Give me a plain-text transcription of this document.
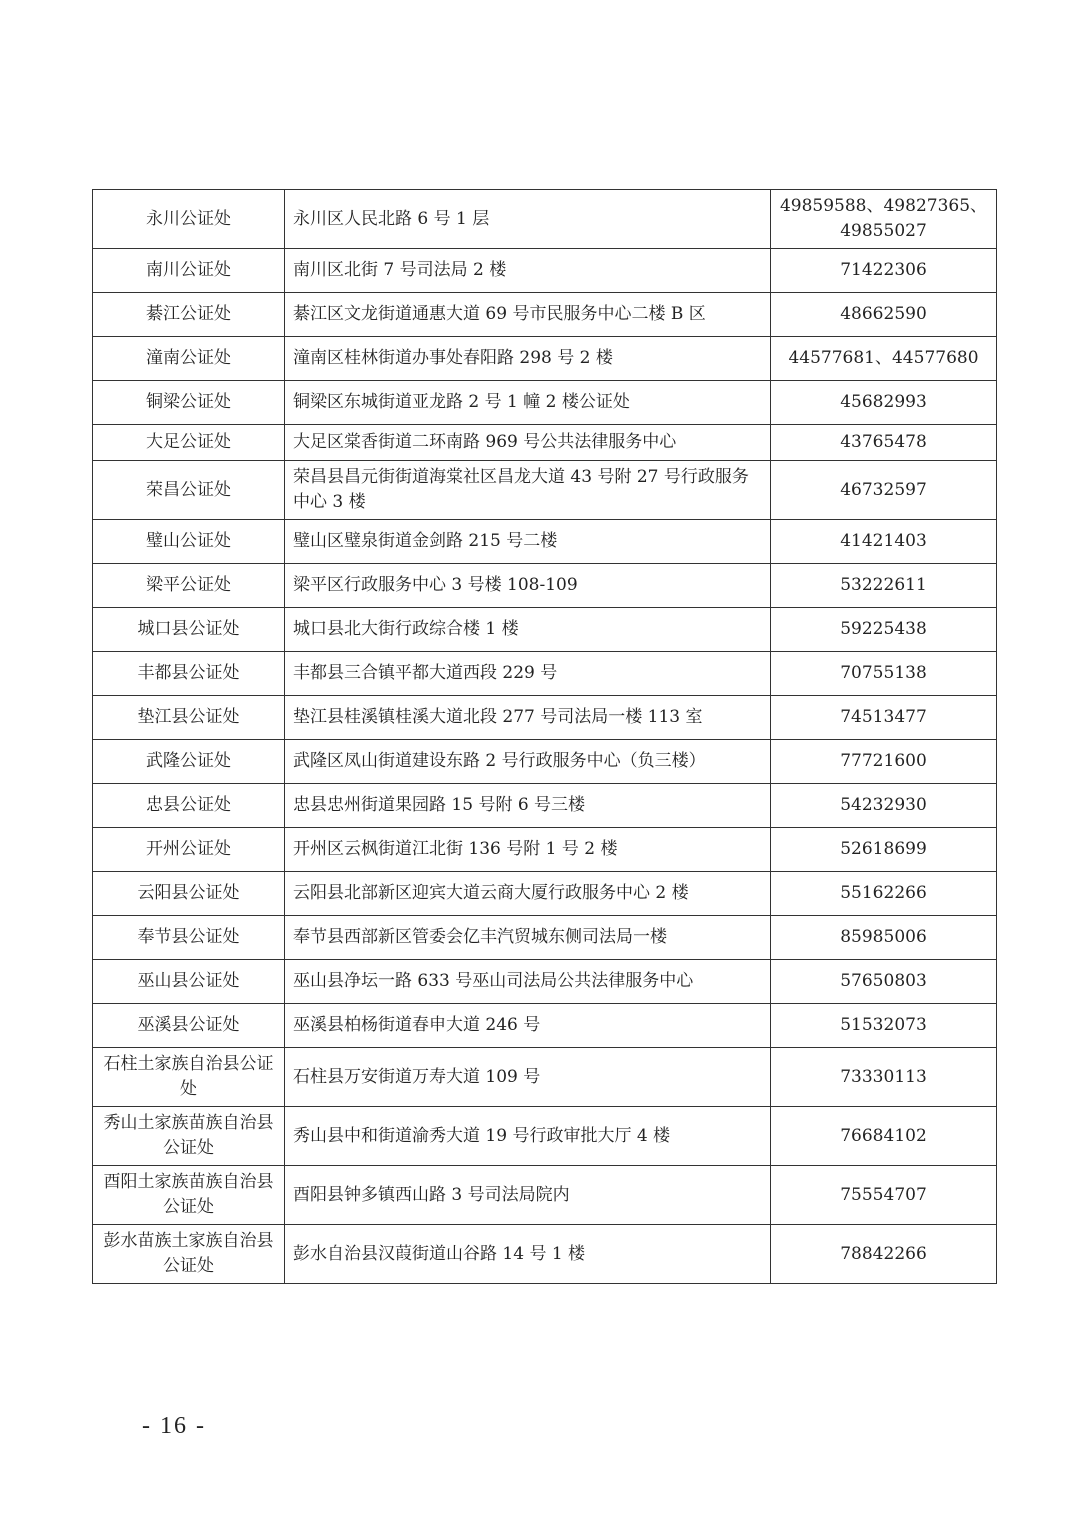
永川公证处	永川区人民北路 6 号 1 层	49859588、49827365、49855027
南川公证处	南川区北街 7 号司法局 2 楼	71422306
綦江公证处	綦江区文龙街道通惠大道 69 号市民服务中心二楼 B 区	48662590
潼南公证处	潼南区桂林街道办事处春阳路 298 号 2 楼	44577681、44577680
铜梁公证处	铜梁区东城街道亚龙路 2 号 1 幢 2 楼公证处	45682993
大足公证处	大足区棠香街道二环南路 969 号公共法律服务中心	43765478
荣昌公证处	荣昌县昌元街街道海棠社区昌龙大道 43 号附 27 号行政服务中心 3 楼	46732597
璧山公证处	璧山区璧泉街道金剑路 215 号二楼	41421403
梁平公证处	梁平区行政服务中心 3 号楼 108-109	53222611
城口县公证处	城口县北大街行政综合楼 1 楼	59225438
丰都县公证处	丰都县三合镇平都大道西段 229 号	70755138
垫江县公证处	垫江县桂溪镇桂溪大道北段 277 号司法局一楼 113 室	74513477
武隆公证处	武隆区凤山街道建设东路 2 号行政服务中心（负三楼）	77721600
忠县公证处	忠县忠州街道果园路 15 号附 6 号三楼	54232930
开州公证处	开州区云枫街道江北街 136 号附 1 号 2 楼	52618699
云阳县公证处	云阳县北部新区迎宾大道云商大厦行政服务中心 2 楼	55162266
奉节县公证处	奉节县西部新区管委会亿丰汽贸城东侧司法局一楼	85985006
巫山县公证处	巫山县净坛一路 633 号巫山司法局公共法律服务中心	57650803
巫溪县公证处	巫溪县柏杨街道春申大道 246 号	51532073
石柱土家族自治县公证处	石柱县万安街道万寿大道 109 号	73330113
秀山土家族苗族自治县公证处	秀山县中和街道渝秀大道 19 号行政审批大厅 4 楼	76684102
酉阳土家族苗族自治县公证处	酉阳县钟多镇西山路 3 号司法局院内	75554707
彭水苗族土家族自治县公证处	彭水自治县汉葭街道山谷路 14 号 1 楼	78842266
- 16 -
